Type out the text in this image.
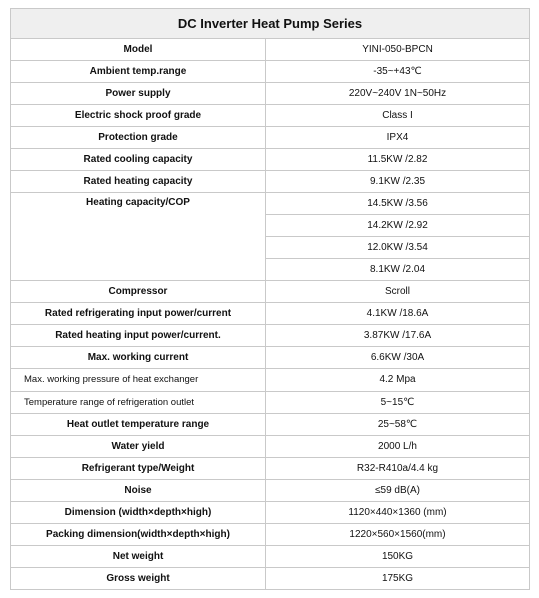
DC Inverter Heat Pump Series	
Model	YINI-050-BPCN
Ambient temp.range	-35~+43℃
Power supply	220V~240V 1N~50Hz
Electric shock proof grade	Class I
Protection grade	IPX4
Rated cooling capacity	11.5KW /2.82
Rated heating capacity	9.1KW /2.35
Heating capacity/COP	14.5KW /3.56
	14.2KW /2.92
	12.0KW /3.54
	8.1KW /2.04
Compressor	Scroll
Rated refrigerating input power/current	4.1KW /18.6A
Rated heating input power/current.	3.87KW /17.6A
Max. working current	6.6KW /30A
Max. working pressure of heat exchanger	4.2 Mpa
Temperature range of refrigeration outlet	5~15℃
Heat outlet temperature range	25~58℃
Water yield	2000 L/h
Refrigerant type/Weight	R32-R410a/4.4 kg
Noise	≤59 dB(A)
Dimension (width×depth×high)	1120×440×1360 (mm)
Packing dimension(width×depth×high)	1220×560×1560(mm)
Net weight	150KG
Gross weight	175KG
